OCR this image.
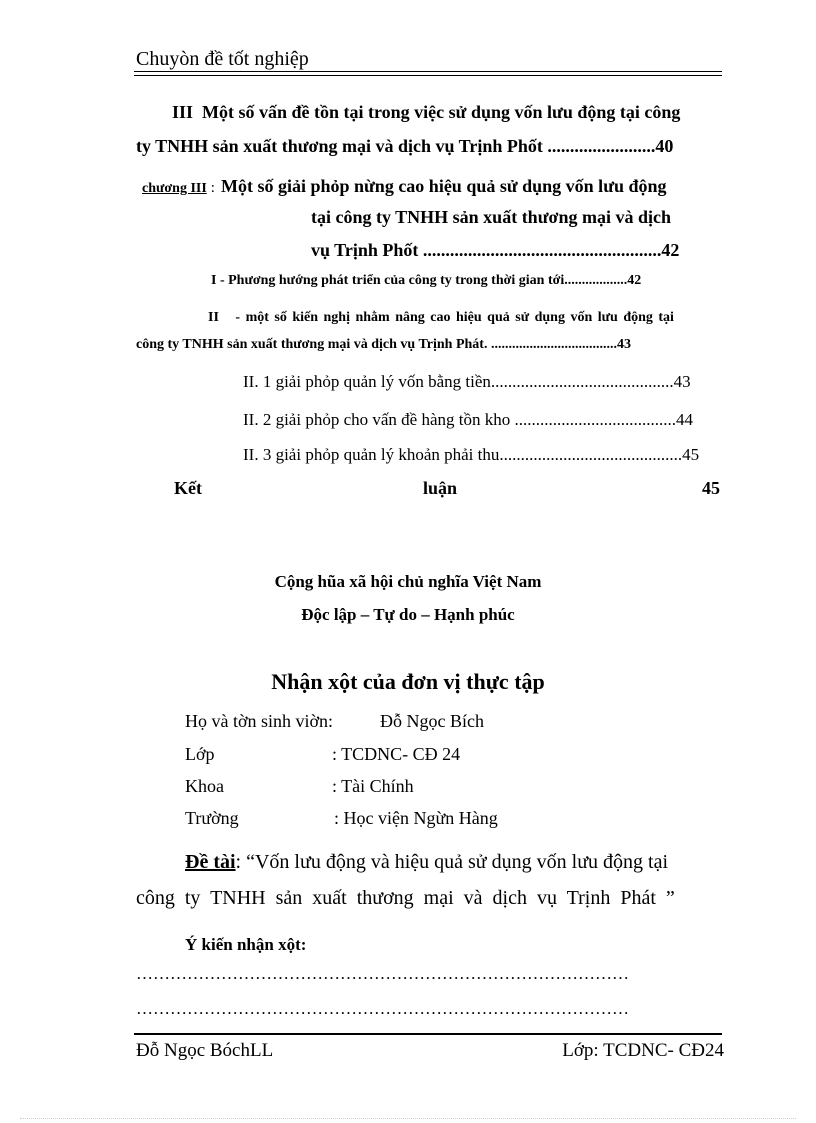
Chuyòn đề tốt nghiệp
III Một số vấn đề tồn tại trong việc sử dụng vốn lưu động tại công
ty TNHH sản xuất thương mại và dịch vụ Trịnh Phốt ........................40
chương III : Một số giải phỏp nừng cao hiệu quả sử dụng vốn lưu động
tại công ty TNHH sản xuất thương mại và dịch
vụ Trịnh Phốt .....................................................42
I - Phương hướng phát triển của công ty trong thời gian tới..................42
II - một số kiến nghị nhằm nâng cao hiệu quả sử dụng vốn lưu động tại
công ty TNHH sản xuất thương mại và dịch vụ Trịnh Phát. ....................................43
II. 1 giải phỏp quản lý vốn bằng tiền...........................................43
II. 2 giải phỏp cho vấn đề hàng tồn kho ......................................44
II. 3 giải phỏp quản lý khoản phải thu...........................................45
Kết	luận	45
Cộng hũa xã hội chủ nghĩa Việt Nam
Độc lập – Tự do – Hạnh phúc
Nhận xột của đơn vị thực tập
Họ và tờn sinh viờn:	Đỗ Ngọc Bích
Lớp	: TCDNC- CĐ 24
Khoa	: Tài Chính
Trường	: Học viện Ngừn Hàng
Đề tài: “Vốn lưu động và hiệu quả sử dụng vốn lưu động tại
công ty TNHH sản xuất thương mại và dịch vụ Trịnh Phát ”
Ý kiến nhận xột:
……………………………………………………………………………
……………………………………………………………………………
Đỗ Ngọc BóchLL	Lớp: TCDNC- CĐ24
